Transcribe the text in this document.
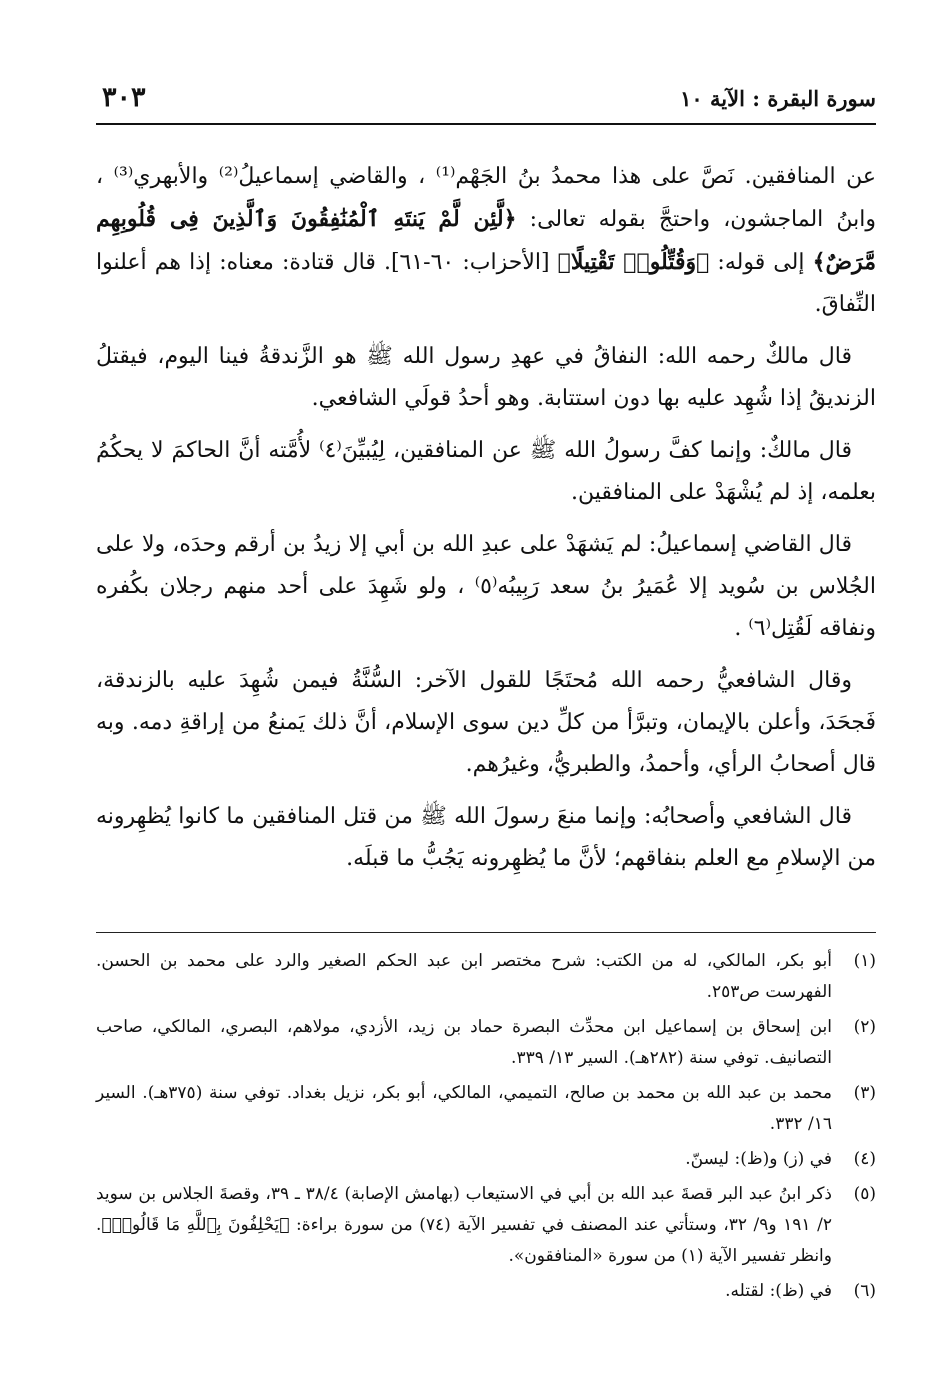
سورة البقرة : الآية ١٠
٣٠٣

عن المنافقين. نَصَّ على هذا محمدُ بنُ الجَهْم⁽¹⁾ ، والقاضي إسماعيلُ⁽²⁾ والأبهري⁽³⁾ ، وابنُ الماجشون، واحتجَّ بقوله تعالى: ﴿لَّئِن لَّمْ يَنتَهِ ٱلْمُنَٰفِقُونَ وَٱلَّذِينَ فِى قُلُوبِهِم مَّرَضٌ﴾ إلى قوله: ﴿وَقُتِّلُوا۟ تَقْتِيلًا﴾ [الأحزاب: ٦٠-٦١]. قال قتادة: معناه: إذا هم أعلنوا النِّفاقَ.

قال مالكٌ رحمه الله: النفاقُ في عهدِ رسول الله ﷺ هو الزَّندقةُ فينا اليوم، فيقتلُ الزنديقُ إذا شُهِد عليه بها دون استتابة. وهو أحدُ قولَي الشافعي.

قال مالكٌ: وإنما كفَّ رسولُ الله ﷺ عن المنافقين، لِيُبيِّنَ⁽٤⁾ لأُمَّته أنَّ الحاكمَ لا يحكُمُ بعلمه، إذ لم يُشْهَدْ على المنافقين.

قال القاضي إسماعيلُ: لم يَشهَدْ على عبدِ الله بن أبي إلا زيدُ بن أرقم وحدَه، ولا على الجُلاس بن سُويد إلا عُمَيرُ بنُ سعد رَبِيبُه⁽٥⁾ ، ولو شَهِدَ على أحد منهم رجلان بكُفره ونفاقه لَقُتِل⁽٦⁾ .

وقال الشافعيُّ رحمه الله مُحتَجًا للقول الآخر: السُّنَّةُ فيمن شُهِدَ عليه بالزندقة، فَجحَدَ، وأعلن بالإيمان، وتبرَّأ من كلِّ دين سوى الإسلام، أنَّ ذلك يَمنعُ من إراقةِ دمه. وبه قال أصحابُ الرأي، وأحمدُ، والطبريُّ، وغيرُهم.

قال الشافعي وأصحابُه: وإنما منعَ رسولَ الله ﷺ من قتل المنافقين ما كانوا يُظهِرونه من الإسلامِ مع العلم بنفاقهم؛ لأنَّ ما يُظهِرونه يَجُبُّ ما قبلَه.

(١)
أبو بكر، المالكي، له من الكتب: شرح مختصر ابن عبد الحكم الصغير والرد على محمد بن الحسن. الفهرست ص٢٥٣.
(٢)
ابن إسحاق بن إسماعيل ابن محدِّث البصرة حماد بن زيد، الأزدي، مولاهم، البصري، المالكي، صاحب التصانيف. توفي سنة (٢٨٢هـ). السير ١٣/ ٣٣٩.
(٣)
محمد بن عبد الله بن محمد بن صالح، التميمي، المالكي، أبو بكر، نزيل بغداد. توفي سنة (٣٧٥هـ). السير ١٦/ ٣٣٢.
(٤)
في (ز) و(ظ): ليسنّ.
(٥)
ذكر ابنُ عبد البر قصةَ عبد الله بن أبي في الاستيعاب (بهامش الإصابة) ٣٨/٤ ـ ٣٩، وقصةَ الجلاس بن سويد ٢/ ١٩١ و٩/ ٣٢، وستأتي عند المصنف في تفسير الآية (٧٤) من سورة براءة: ﴿يَحْلِفُونَ بِٱللَّهِ مَا قَالُوا۟﴾. وانظر تفسير الآية (١) من سورة «المنافقون».
(٦)
في (ظ): لقتله.
